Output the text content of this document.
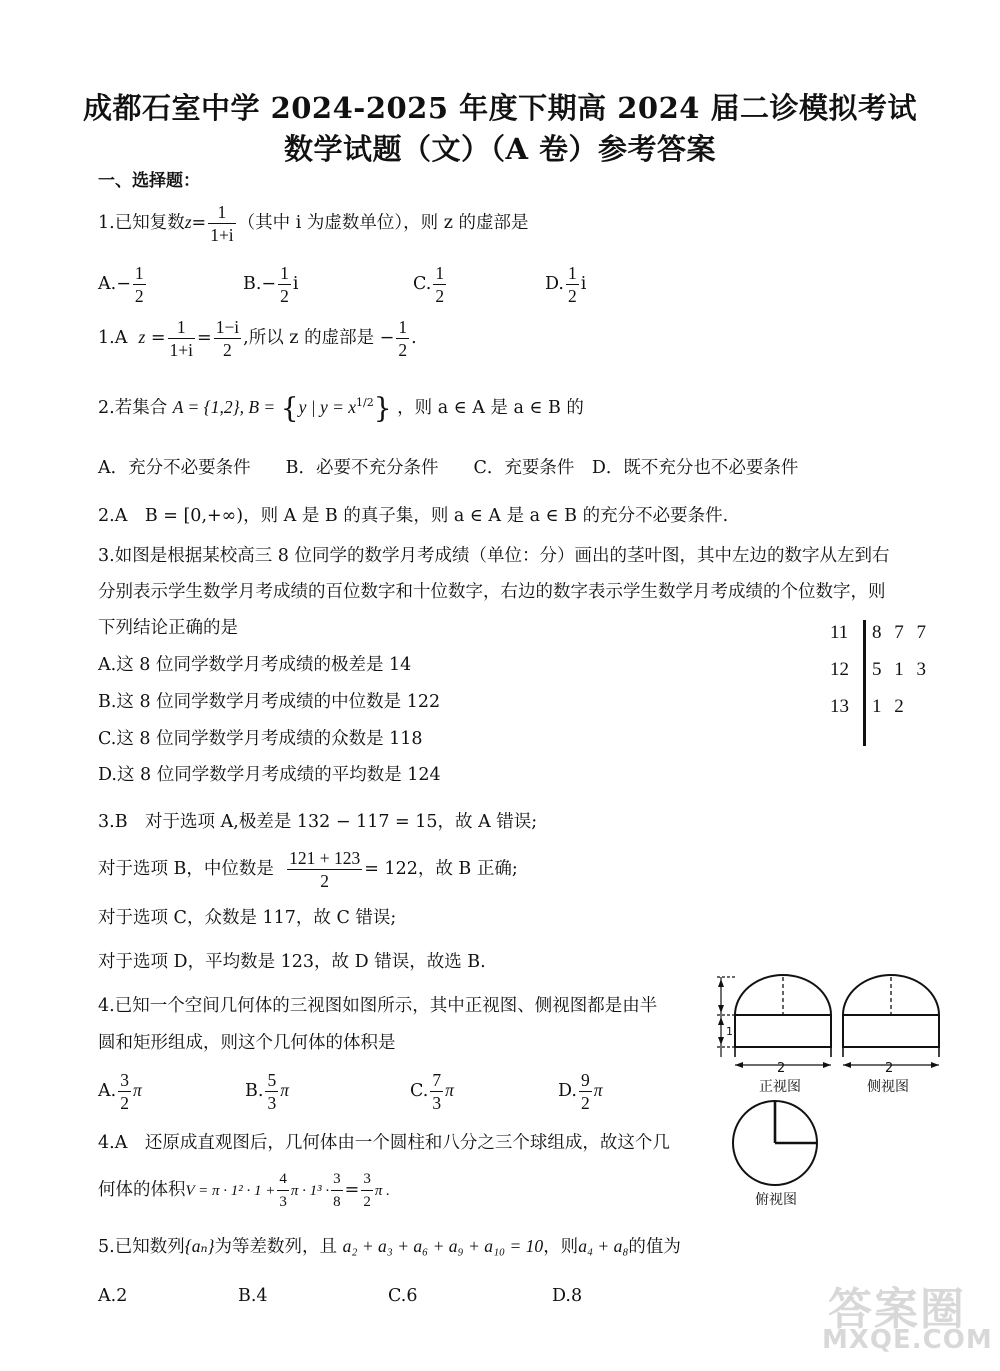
成都石室中学 2024-2025 年度下期高 2024 届二诊模拟考试
数学试题（文）（A 卷）参考答案
一、选择题：
1.已知复数$z= \frac{1}{1+i}$ （其中 i 为虚数单位），则 z 的虚部是
$A.- \frac{1}{2}$	$B.- \frac{1}{2}$ i	C. $\frac{1}{2}$	D. $\frac{1}{2}$ i
1.A $z = \frac{1}{1+i} = \frac{1-i}{2}$ ,所以 z 的虚部是 − $\frac{1}{2}$ .
2.若集合 A = {1,2}, B = {y | $y = x^{1/2}$} ，则 a ∈ A 是 a ∈ B 的
A．充分不必要条件　　B．必要不充分条件　　C．充要条件　D．既不充分也不必要条件
2.A　B = [0,+∞)，则 A 是 B 的真子集，则 a ∈ A 是 a ∈ B 的充分不必要条件.
3.如图是根据某校高三 8 位同学的数学月考成绩（单位：分）画出的茎叶图，其中左边的数字从左到右
分别表示学生数学月考成绩的百位数字和十位数字，右边的数字表示学生数学月考成绩的个位数字，则
下列结论正确的是
A.这 8 位同学数学月考成绩的极差是 14
B.这 8 位同学数学月考成绩的中位数是 122
C.这 8 位同学数学月考成绩的众数是 118
D.这 8 位同学数学月考成绩的平均数是 124
11 8 7 7
12 5 1 3
13 1 2
3.B　对于选项 A,极差是 132 − 117 = 15，故 A 错误;
对于选项 B，中位数是 $\frac{121 + 123}{2} = 122$，故 B 正确;
对于选项 C，众数是 117，故 C 错误;
对于选项 D，平均数是 123，故 D 错误，故选 B.
4.已知一个空间几何体的三视图如图所示，其中正视图、侧视图都是由半
圆和矩形组成，则这个几何体的体积是
A. $\frac{3}{2}$ π	B. $\frac{5}{3}$ π	C. $\frac{7}{3}$ π	D. $\frac{9}{2}$ π
2	2
1
正视图	侧视图
俯视图
4.A　还原成直观图后，几何体由一个圆柱和八分之三个球组成，故这个几
何体的体积$V = \pi \cdot 1^2 \cdot 1 + \frac{4}{3}$ $\pi \cdot 1^3 \cdot \frac{3}{8} = \frac{3}{2}$ π .
5.已知数列{aₙ}为等差数列，且 a₂ + a₃ + a₆ + a₉ + a₁₀ = 10，则a₄ + a₈的值为
A.2	B.4	C.6	D.8	答案圈
MXQE.COM
